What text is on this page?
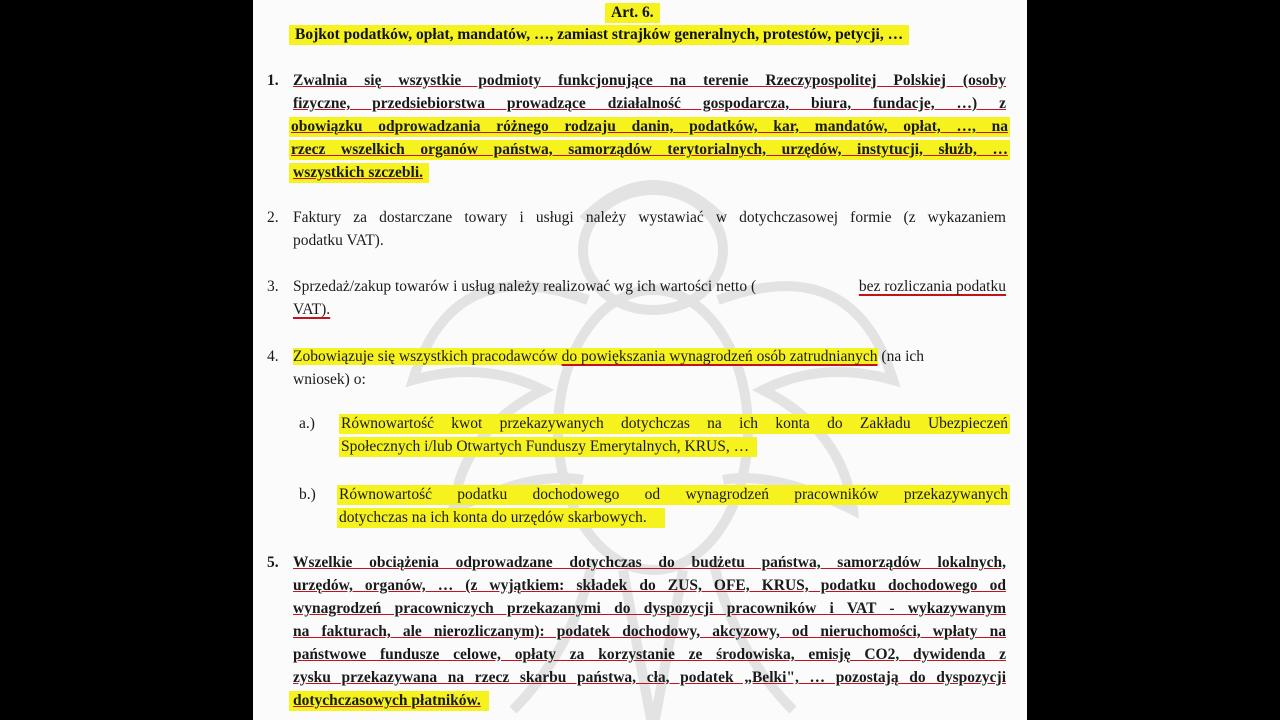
Art. 6.
Bojkot podatków, opłat, mandatów, …, zamiast strajków generalnych, protestów, petycji, …
1. Zwalnia się wszystkie podmioty funkcjonujące na terenie Rzeczypospolitej Polskiej (osoby
fizyczne, przedsiebiorstwa prowadzące działalność gospodarcza, biura, fundacje, …) z
obowiązku odprowadzania różnego rodzaju danin, podatków, kar, mandatów, opłat, …, na
rzecz wszelkich organów państwa, samorządów terytorialnych, urzędów, instytucji, służb, …
wszystkich szczebli.
2. Faktury za dostarczane towary i usługi należy wystawiać w dotychczasowej formie (z wykazaniem
podatku VAT).
3. Sprzedaż/zakup towarów i usług należy realizować wg ich wartości netto (	bez rozliczania podatku
VAT).
4. Zobowiązuje się wszystkich pracodawców do powiększania wynagrodzeń osób zatrudnianych (na ich
wniosek) o:
a.) Równowartość kwot przekazywanych dotychczas na ich konta do Zakładu Ubezpieczeń
Społecznych i/lub Otwartych Funduszy Emerytalnych, KRUS, …
b.) Równowartość podatku dochodowego od wynagrodzeń pracowników przekazywanych
dotychczas na ich konta do urzędów skarbowych.
5. Wszelkie obciążenia odprowadzane dotychczas do budżetu państwa, samorządów lokalnych,
urzędów, organów, … (z wyjątkiem: składek do ZUS, OFE, KRUS, podatku dochodowego od
wynagrodzeń pracowniczych przekazanymi do dyspozycji pracowników i VAT - wykazywanym
na fakturach, ale nierozliczanym): podatek dochodowy, akcyzowy, od nieruchomości, wpłaty na
państwowe fundusze celowe, opłaty za korzystanie ze środowiska, emisję CO2, dywidenda z
zysku przekazywana na rzecz skarbu państwa, cła, podatek „Belki", … pozostają do dyspozycji
dotychczasowych płatników.
